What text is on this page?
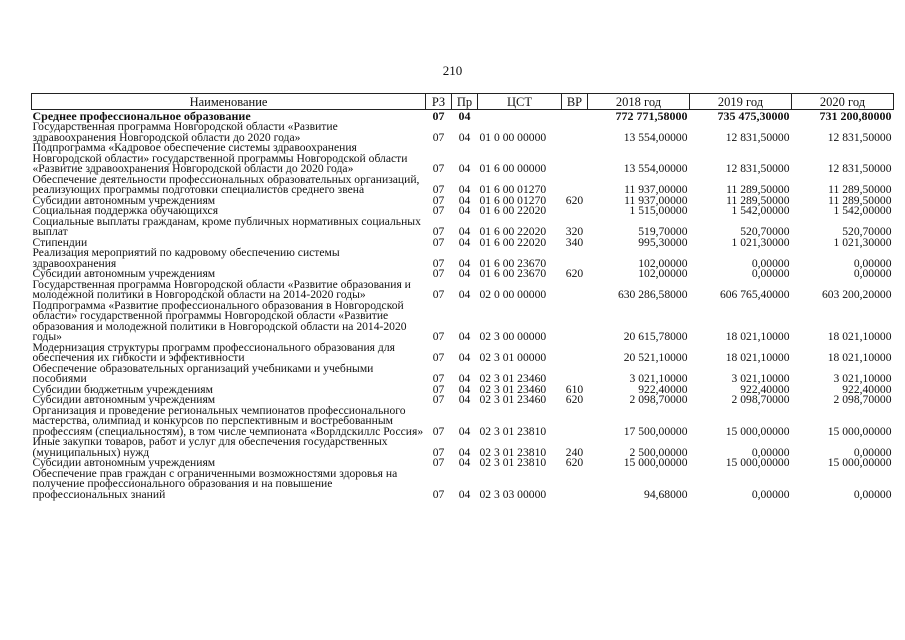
210
Наименование	РЗ	Пр	ЦСТ	ВР	2018 год	2019 год	2020 год
Среднее профессиональное образование	07	04			772 771,58000	735 475,30000	731 200,80000
Государственная программа Новгородской области «Развитие здравоохранения Новгородской области до 2020 года»	07	04	01 0 00 00000		13 554,00000	12 831,50000	12 831,50000
Подпрограмма «Кадровое обеспечение системы здравоохранения Новгородской области» государственной программы Новгородской области «Развитие здравоохранения Новгородской области до 2020 года»	07	04	01 6 00 00000		13 554,00000	12 831,50000	12 831,50000
Обеспечение деятельности профессиональных образовательных организаций, реализующих программы подготовки специалистов среднего звена	07	04	01 6 00 01270		11 937,00000	11 289,50000	11 289,50000
Субсидии автономным учреждениям	07	04	01 6 00 01270	620	11 937,00000	11 289,50000	11 289,50000
Социальная поддержка обучающихся	07	04	01 6 00 22020		1 515,00000	1 542,00000	1 542,00000
Социальные выплаты гражданам, кроме публичных нормативных социальных выплат	07	04	01 6 00 22020	320	519,70000	520,70000	520,70000
Стипендии	07	04	01 6 00 22020	340	995,30000	1 021,30000	1 021,30000
Реализация мероприятий по кадровому обеспечению системы здравоохранения	07	04	01 6 00 23670		102,00000	0,00000	0,00000
Субсидии автономным учреждениям	07	04	01 6 00 23670	620	102,00000	0,00000	0,00000
Государственная программа Новгородской области «Развитие образования и молодежной политики в Новгородской области на 2014-2020 годы»	07	04	02 0 00 00000		630 286,58000	606 765,40000	603 200,20000
Подпрограмма «Развитие профессионального образования в Новгородской области» государственной программы Новгородской области «Развитие образования и молодежной политики в Новгородской области на 2014-2020 годы»	07	04	02 3 00 00000		20 615,78000	18 021,10000	18 021,10000
Модернизация структуры программ профессионального образования для обеспечения их гибкости и эффективности	07	04	02 3 01 00000		20 521,10000	18 021,10000	18 021,10000
Обеспечение образовательных организаций учебниками и учебными пособиями	07	04	02 3 01 23460		3 021,10000	3 021,10000	3 021,10000
Субсидии бюджетным учреждениям	07	04	02 3 01 23460	610	922,40000	922,40000	922,40000
Субсидии автономным учреждениям	07	04	02 3 01 23460	620	2 098,70000	2 098,70000	2 098,70000
Организация и проведение региональных чемпионатов профессионального мастерства, олимпиад и конкурсов по перспективным и востребованным профессиям (специальностям), в том числе чемпионата «Ворлдскиллс Россия»	07	04	02 3 01 23810		17 500,00000	15 000,00000	15 000,00000
Иные закупки товаров, работ и услуг для обеспечения государственных (муниципальных) нужд	07	04	02 3 01 23810	240	2 500,00000	0,00000	0,00000
Субсидии автономным учреждениям	07	04	02 3 01 23810	620	15 000,00000	15 000,00000	15 000,00000
Обеспечение прав граждан с ограниченными возможностями здоровья на получение профессионального образования и на повышение профессиональных знаний	07	04	02 3 03 00000		94,68000	0,00000	0,00000
